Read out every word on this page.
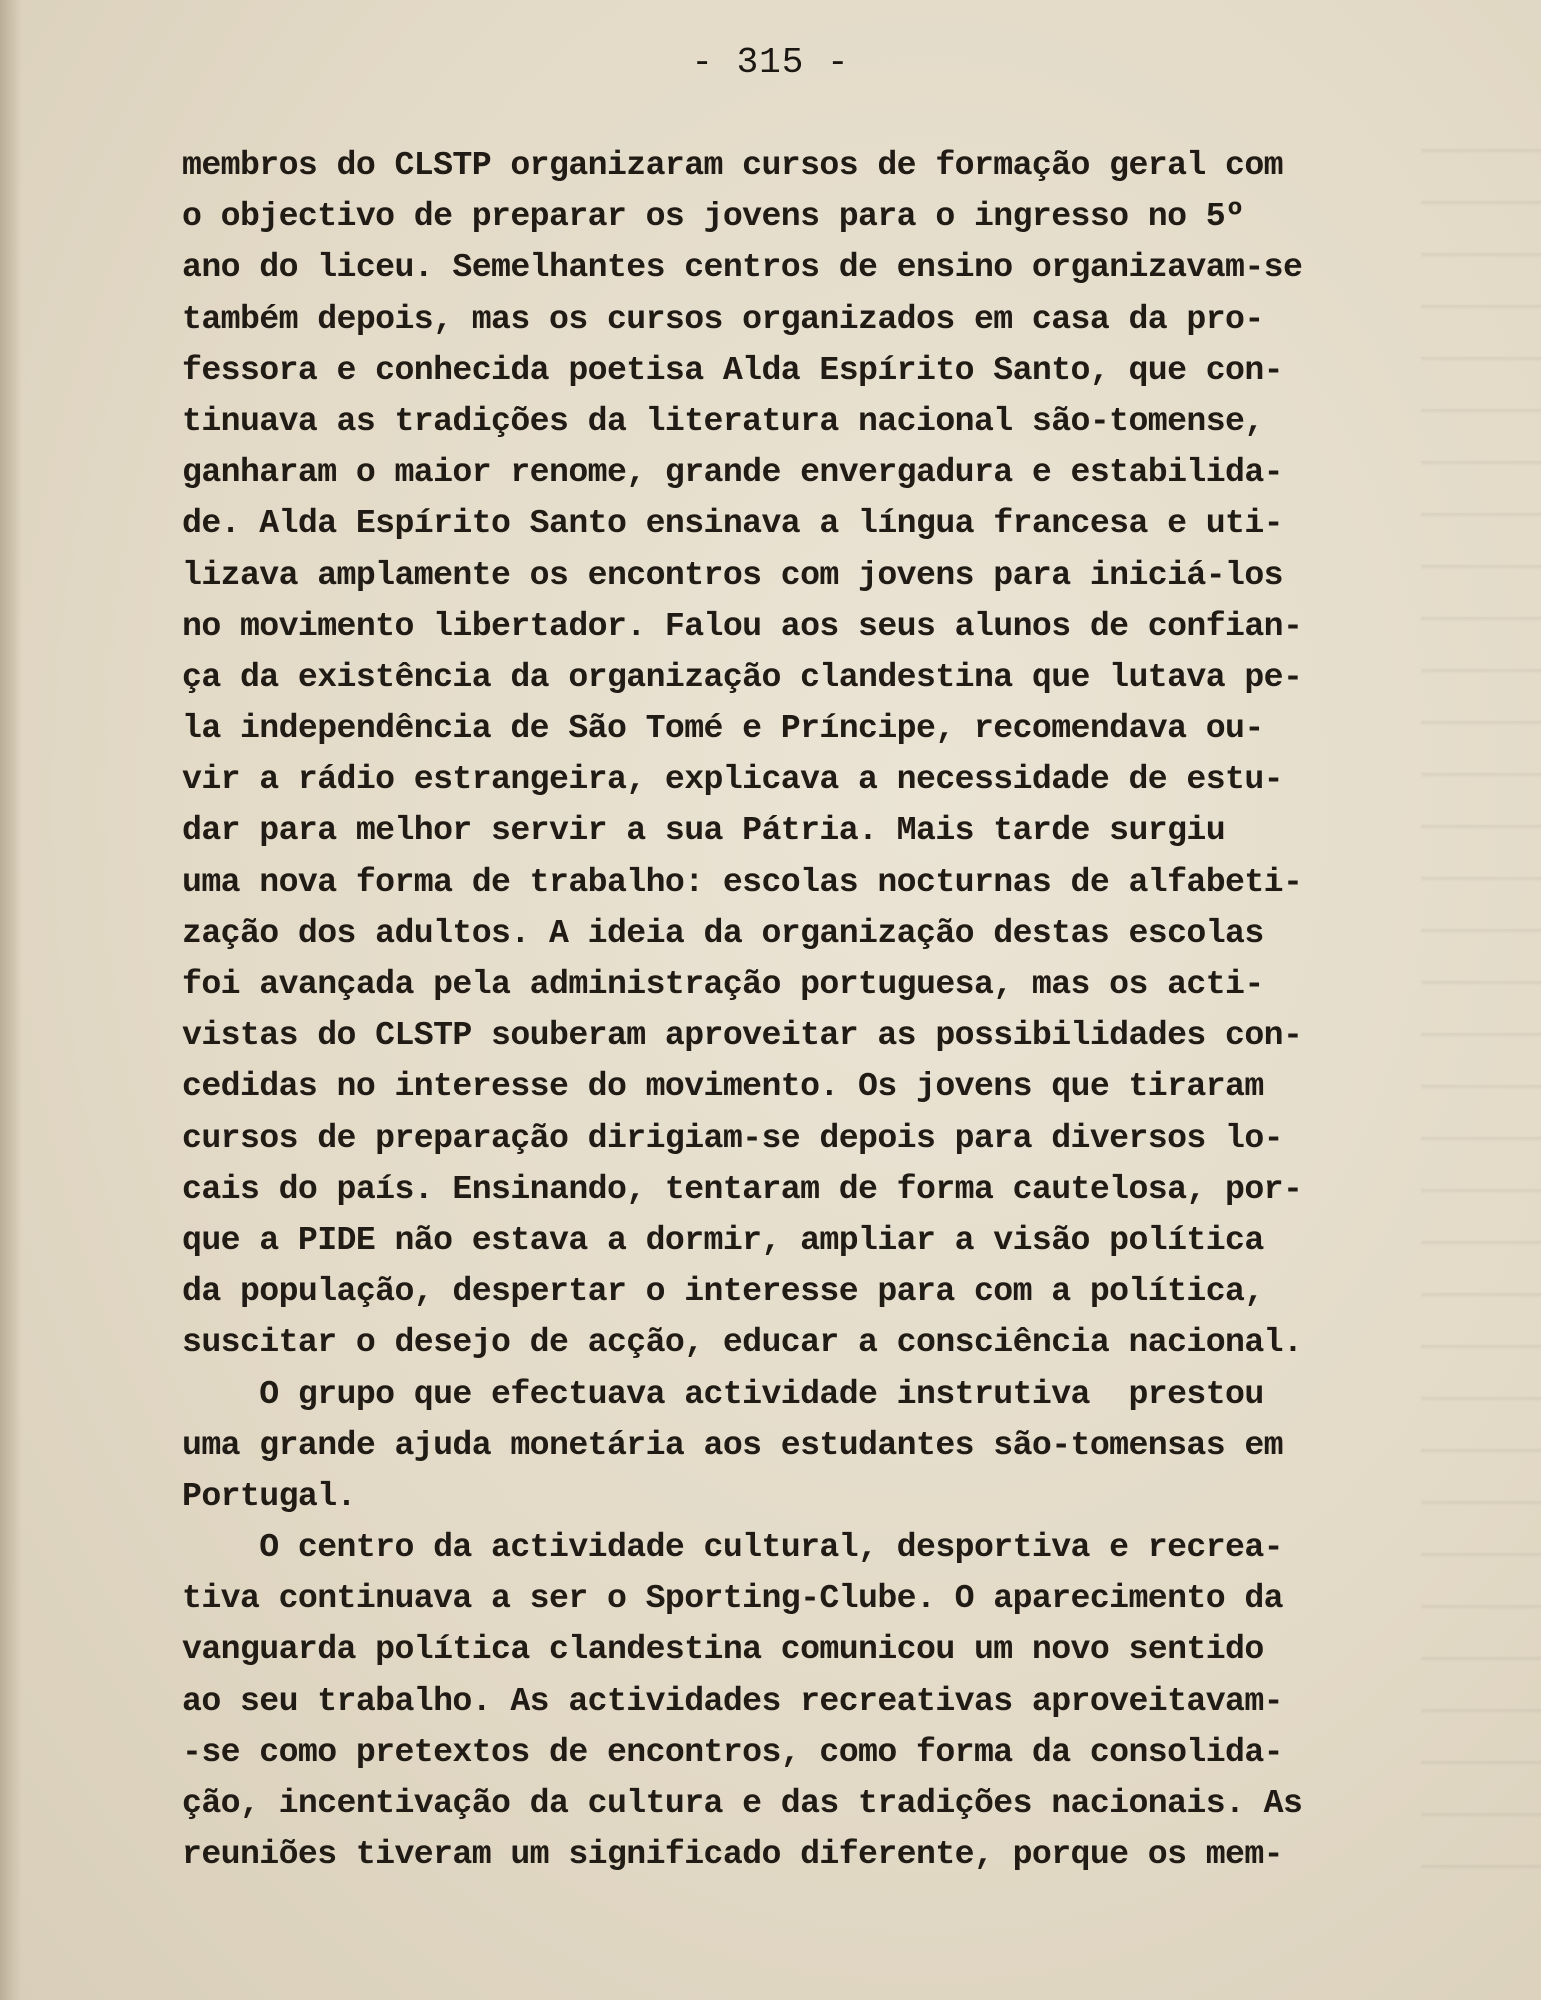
- 315 -
membros do CLSTP organizaram cursos de formação geral com
o objectivo de preparar os jovens para o ingresso no 5º
ano do liceu. Semelhantes centros de ensino organizavam-se
também depois, mas os cursos organizados em casa da pro-
fessora e conhecida poetisa Alda Espírito Santo, que con-
tinuava as tradições da literatura nacional são-tomense,
ganharam o maior renome, grande envergadura e estabilida-
de. Alda Espírito Santo ensinava a língua francesa e uti-
lizava amplamente os encontros com jovens para iniciá-los
no movimento libertador. Falou aos seus alunos de confian-
ça da existência da organização clandestina que lutava pe-
la independência de São Tomé e Príncipe, recomendava ou-
vir a rádio estrangeira, explicava a necessidade de estu-
dar para melhor servir a sua Pátria. Mais tarde surgiu
uma nova forma de trabalho: escolas nocturnas de alfabeti-
zação dos adultos. A ideia da organização destas escolas
foi avançada pela administração portuguesa, mas os acti-
vistas do CLSTP souberam aproveitar as possibilidades con-
cedidas no interesse do movimento. Os jovens que tiraram
cursos de preparação dirigiam-se depois para diversos lo-
cais do país. Ensinando, tentaram de forma cautelosa, por-
que a PIDE não estava a dormir, ampliar a visão política
da população, despertar o interesse para com a política,
suscitar o desejo de acção, educar a consciência nacional.
O grupo que efectuava actividade instrutiva  prestou
uma grande ajuda monetária aos estudantes são-tomensas em
Portugal.
O centro da actividade cultural, desportiva e recrea-
tiva continuava a ser o Sporting-Clube. O aparecimento da
vanguarda política clandestina comunicou um novo sentido
ao seu trabalho. As actividades recreativas aproveitavam-
-se como pretextos de encontros, como forma da consolida-
ção, incentivação da cultura e das tradições nacionais. As
reuniões tiveram um significado diferente, porque os mem-
